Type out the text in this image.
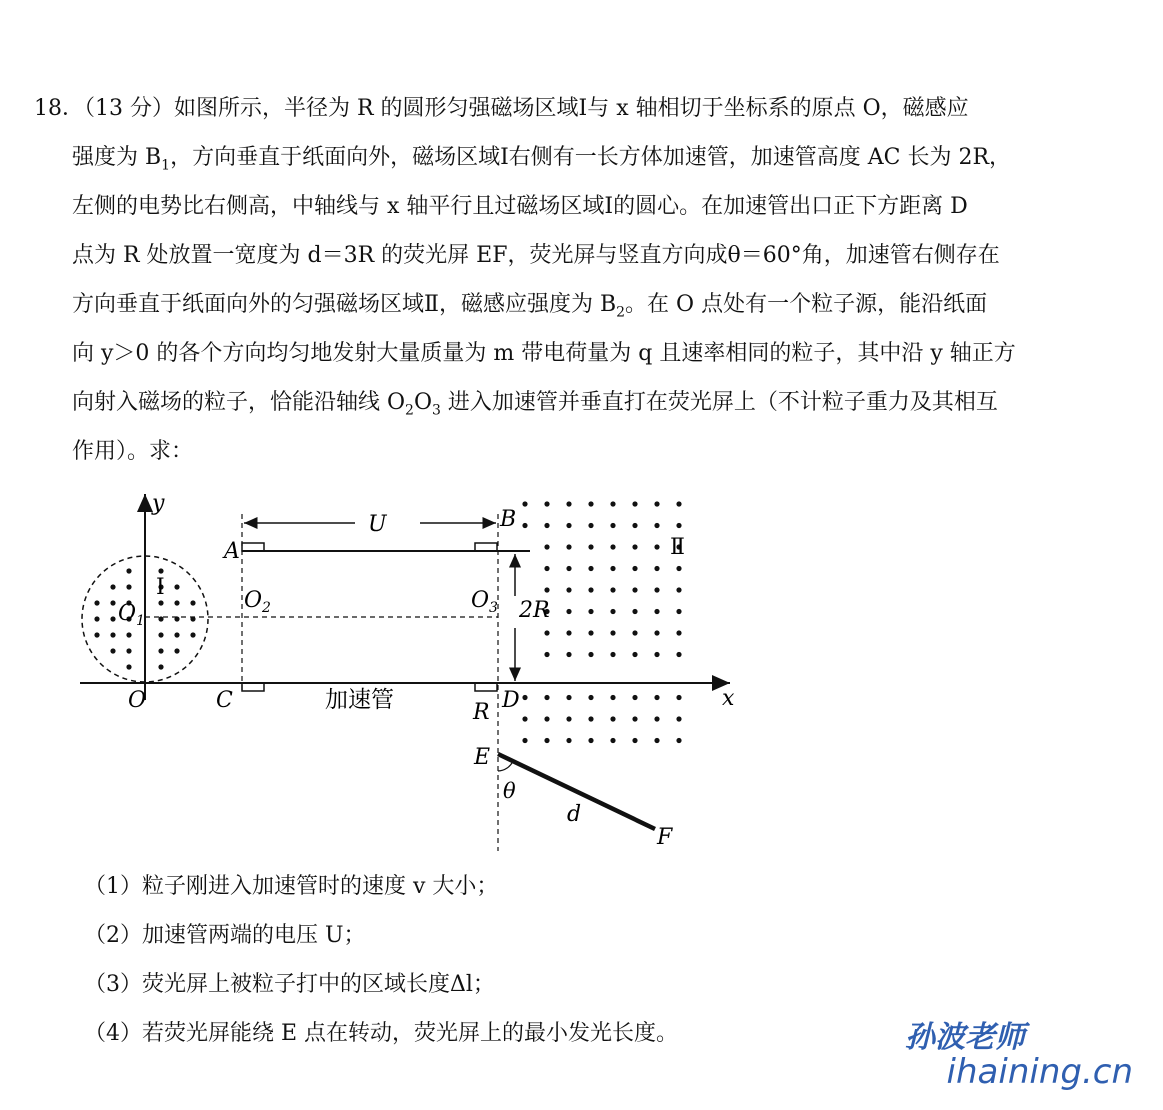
18．（13 分）如图所示，半径为 R 的圆形匀强磁场区域Ⅰ与 x 轴相切于坐标系的原点 O，磁感应
强度为 $B_1$，方向垂直于纸面向外，磁场区域Ⅰ右侧有一长方体加速管，加速管高度 AC 长为 2R，
左侧的电势比右侧高，中轴线与 x 轴平行且过磁场区域Ⅰ的圆心。在加速管出口正下方距离 D
点为 R 处放置一宽度为 d＝3R 的荧光屏 EF，荧光屏与竖直方向成θ＝60°角，加速管右侧存在
方向垂直于纸面向外的匀强磁场区域Ⅱ，磁感应强度为 $B_2$。在 O 点处有一个粒子源，能沿纸面
向 y＞0 的各个方向均匀地发射大量质量为 m 带电荷量为 q 且速率相同的粒子，其中沿 y 轴正方
向射入磁场的粒子，恰能沿轴线 $O_2O_3$ 进入加速管并垂直打在荧光屏上（不计粒子重力及其相互
作用）。求：
y
x
O
$O_1$
I
Ⅱ
A
B
C	D
R
E
F
$O_2$	$O_3$
U
2R
加速管
θ
d
（1）粒子刚进入加速管时的速度 v 大小；
（2）加速管两端的电压 U；
（3）荧光屏上被粒子打中的区域长度Δl；
（4）若荧光屏能绕 E 点在转动，荧光屏上的最小发光长度。	孙波老师
ihaining.cn
